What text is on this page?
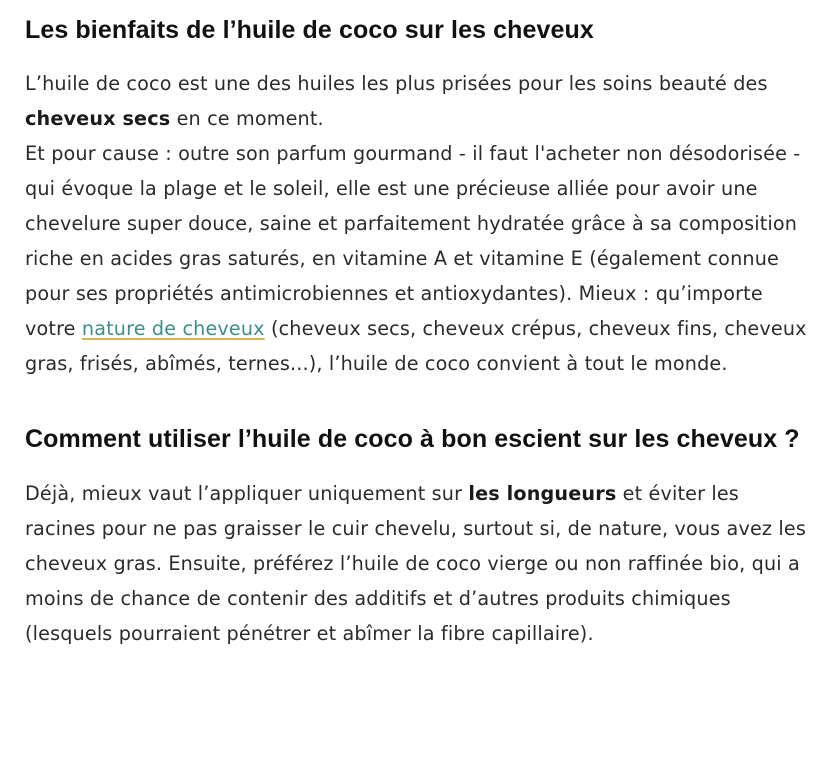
Les bienfaits de l’huile de coco sur les cheveux

L’huile de coco est une des huiles les plus prisées pour les soins beauté des cheveux secs en ce moment.
Et pour cause : outre son parfum gourmand - il faut l'acheter non désodorisée - qui évoque la plage et le soleil, elle est une précieuse alliée pour avoir une chevelure super douce, saine et parfaitement hydratée grâce à sa composition riche en acides gras saturés, en vitamine A et vitamine E (également connue pour ses propriétés antimicrobiennes et antioxydantes). Mieux : qu’importe votre nature de cheveux (cheveux secs, cheveux crépus, cheveux fins, cheveux gras, frisés, abîmés, ternes...), l’huile de coco convient à tout le monde.

Comment utiliser l’huile de coco à bon escient sur les cheveux ?

Déjà, mieux vaut l’appliquer uniquement sur les longueurs et éviter les racines pour ne pas graisser le cuir chevelu, surtout si, de nature, vous avez les cheveux gras. Ensuite, préférez l’huile de coco vierge ou non raffinée bio, qui a moins de chance de contenir des additifs et d’autres produits chimiques (lesquels pourraient pénétrer et abîmer la fibre capillaire).
